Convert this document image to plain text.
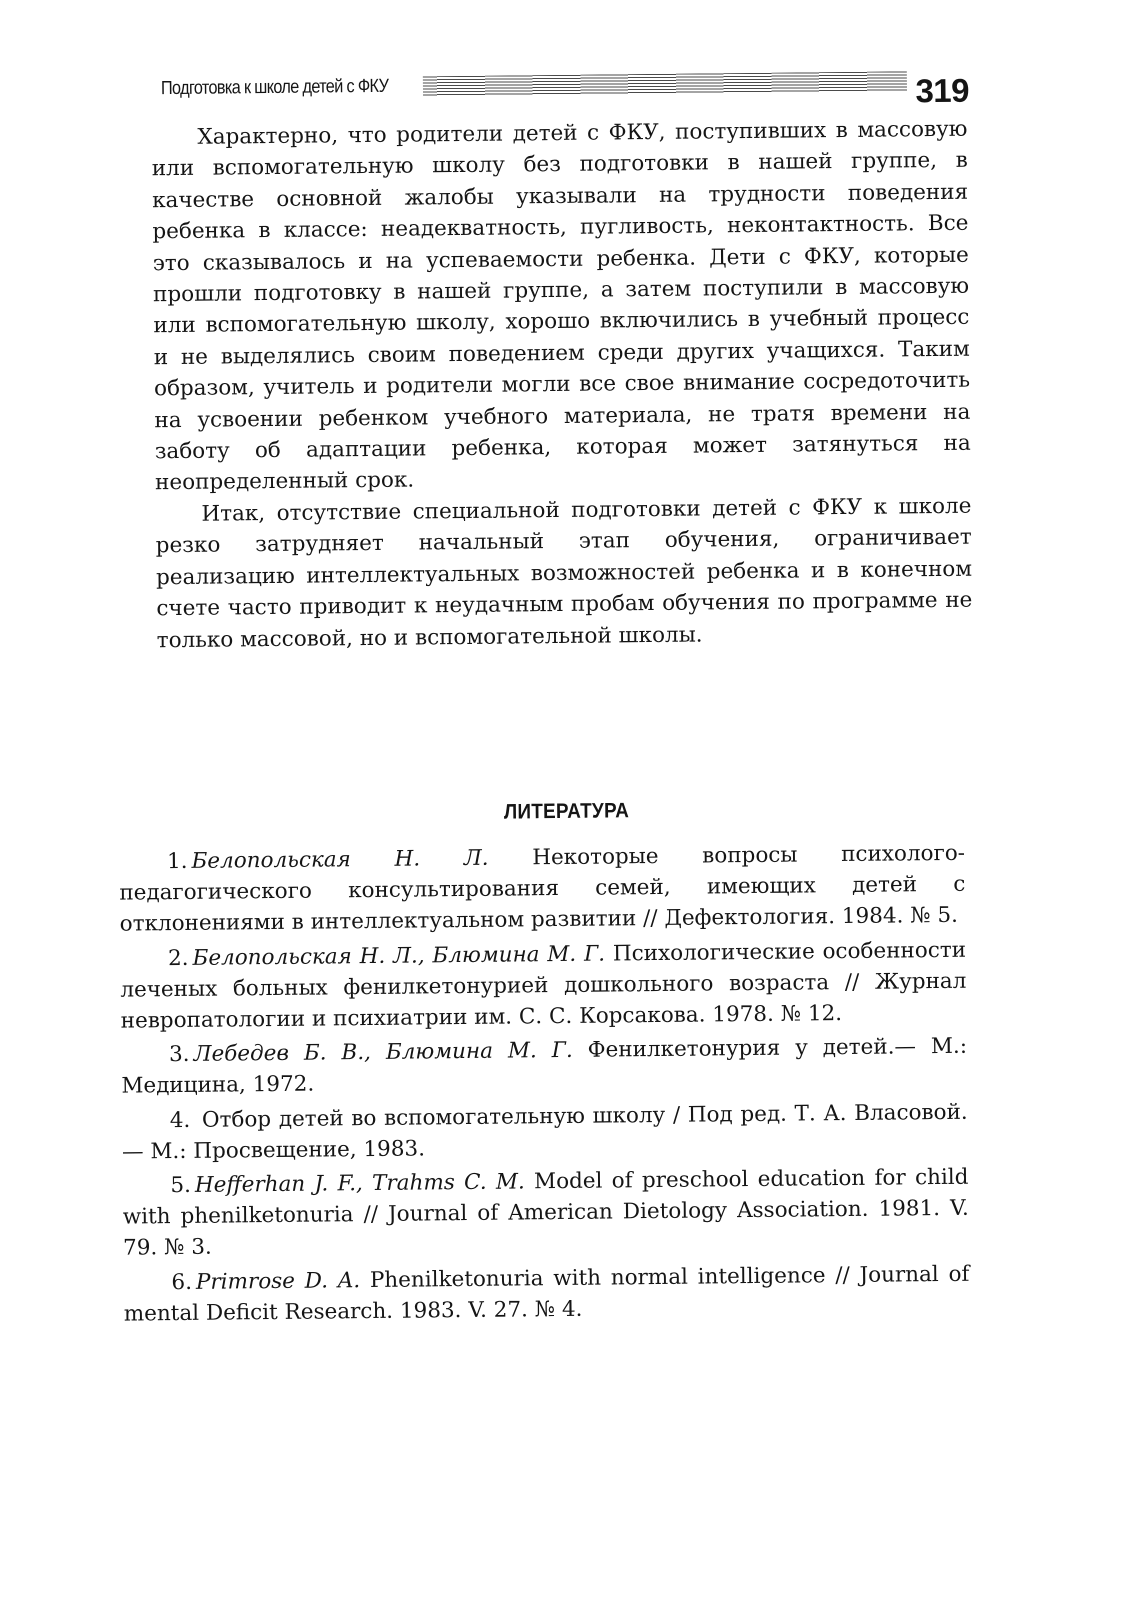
Подготовка к школе детей с ФКУ	319

Характерно, что родители детей с ФКУ, поступивших в массовую или вспомогательную школу без подготовки в нашей группе, в качестве основной жалобы указывали на трудности поведения ребенка в классе: неадекватность, пугливость, неконтактность. Все это сказывалось и на успеваемости ребенка. Дети с ФКУ, которые прошли подготовку в нашей группе, а затем поступили в массовую или вспомогательную школу, хорошо включились в учебный процесс и не выделялись своим поведением среди других учащихся. Таким образом, учитель и родители могли все свое внимание сосредоточить на усвоении ребенком учебного материала, не тратя времени на заботу об адаптации ребенка, которая может затянуться на неопределенный срок.

Итак, отсутствие специальной подготовки детей с ФКУ к школе резко затрудняет начальный этап обучения, ограничивает реализацию интеллектуальных возможностей ребенка и в конечном счете часто приводит к неудачным пробам обучения по программе не только массовой, но и вспомогательной школы.

ЛИТЕРАТУРА

1. Белопольская Н. Л. Некоторые вопросы психолого-педагогического консультирования семей, имеющих детей с отклонениями в интеллектуальном развитии // Дефектология. 1984. № 5.

2. Белопольская Н. Л., Блюмина М. Г. Психологические особенности леченых больных фенилкетонурией дошкольного возраста // Журнал невропатологии и психиатрии им. С. С. Корсакова. 1978. № 12.

3. Лебедев Б. В., Блюмина М. Г. Фенилкетонурия у детей.— М.: Медицина, 1972.

4. Отбор детей во вспомогательную школу / Под ред. Т. А. Власовой.— М.: Просвещение, 1983.

5. Hefferhan J. F., Trahms C. M. Model of preschool education for child with phenilketonuria // Journal of American Dietology Association. 1981. V. 79. № 3.

6. Primrose D. A. Phenilketonuria with normal intelligence // Journal of mental Deficit Research. 1983. V. 27. № 4.
